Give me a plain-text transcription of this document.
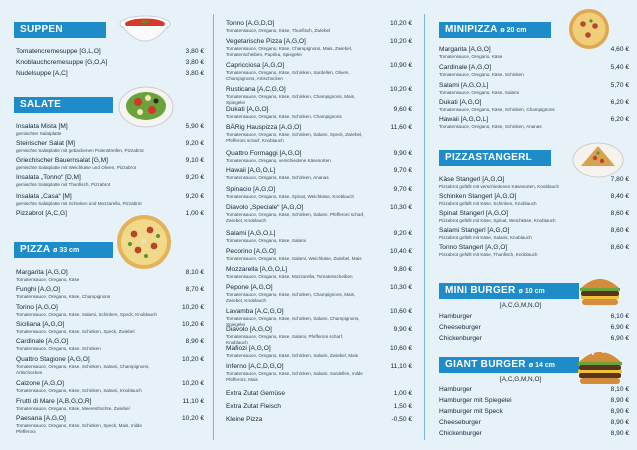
SUPPEN
Tomatencremesuppe [G,L,O]	3,80 €
Knoblauchcremesuppe [G,O,A]	3,80 €
Nudelsuppe [A,C]	3,80 €
SALATE
Insalata Mista [M]
gemischter Salatplatte
5,90 €
Steirischer Salat [M]
gemischte Salatplatte mit gebackenen Putenstreifen, Pizzabrot
9,20 €
Griechischer Bauernsalat [G,M]
gemischte Salatplatte mit Weichkäse und Oliven, Pizzabrot
9,10 €
Insalata „Tonno“ [D,M]
gemischte Salatplatte mit Thunfisch, Pizzabrot
9,20 €
Insalata „Casa“ [M]
gemischte Salatplatte mit Schinken und Mozzarella, Pizzabrot
9,20 €
Pizzabrot [A,C,G]	1,00 €
PIZZA ø 33 cm
Margarita [A,G,O]
Tomatensauce, Oregano, Käse
8,10 €
Funghi [A,G,O]
Tomatensauce, Oregano, Käse, Champignons
8,70 €
Torino [A,G,O]
Tomatensauce, Oregano, Käse, Salami, Schinken, Speck, Knoblauch
10,20 €
Siciliana [A,G,O]
Tomatensauce, Oregano, Käse, Schinken, Speck, Zwiebel
10,20 €
Cardinale [A,G,O]
Tomatensauce, Oregano, Käse, Schinken
8,90 €
Quattro Stagione [A,G,O]
Tomatensauce, Oregano, Käse, Schinken, Salami, Champignons, Artischocken
10,20 €
Calzone [A,G,O]
Tomatensauce, Oregano, Käse, Schinken, Salami, Knoblauch
10,20 €
Frutti di Mare [A,B,G,O,R]
Tomatensauce, Oregano, Käse, Meeresfrüchte, Zwiebel
11,10 €
Paesana [A,G,O]
Tomatensauce, Oregano, Käse, Schinken, Speck, Mais, milde Pfefferoni
10,20 €
Tonno [A,G,D,O]
Tomatensauce, Oregano, Käse, Thunfisch, Zwiebel
10,20 €
Vegetarische Pizza [A,G,O]
Tomatensauce, Oregano, Käse, Champignons, Mais, Zwiebel, Tomatenscheiben, Paprika, Spiegelei
10,20 €
Capricciosa [A,G,O]
Tomatensauce, Oregano, Käse, Schinken, Sardellen, Oliven, Champignons, Artischocken
10,90 €
Rusticana [A,C,G,O]
Tomatensauce, Oregano, Käse, Schinken, Champignons, Mais, Spiegelei
10,20 €
Dukati [A,G,O]
Tomatensauce, Oregano, Käse, Schinken, Champignons
9,60 €
BÄRig Hauspizza [A,G,O]
Tomatensauce, Oregano, Käse, Schinken, Salami, Speck, Zwiebel, Pfefferoni scharf, Knoblauch
11,60 €
Quattro Formaggi [A,G,O]
Tomatensauce, Oregano, verschiedene Käsesorten
9,90 €
Hawaii [A,G,O,L]
Tomatensauce, Oregano, Käse, Schinken, Ananas
9,70 €
Spinacio [A,G,O]
Tomatensauce, Oregano, Käse, Spinat, Weichkäse, Knoblauch
9,70 €
Diavolo „Speciale“ [A,G,O]
Tomatensauce, Oregano, Käse, Schinken, Salami, Pfefferoni scharf, Zwiebel, Knoblauch
10,30 €
Salami [A,G,O,L]
Tomatensauce, Oregano, Käse, Salami
9,20 €
Pecorino [A,G,O]
Tomatensauce, Oregano, Käse, Salami, Weichkäse, Zwiebel, Mais
10,40 €
Mozzarella [A,G,O,L]
Tomatensauce, Oregano, Käse, Mozzarella, Tomatenscheiben
9,80 €
Pepone [A,G,O]
Tomatensauce, Oregano, Käse, Schinken, Champignons, Mais, Zwiebel, Knoblauch
10,30 €
Lavamba [A,C,G,O]
Tomatensauce, Oregano, Käse, Schinken, Salami, Champignons, Spiegelei
10,60 €
Diavolo [A,G,O]
Tomatensauce, Oregano, Käse, Salami, Pfefferoni scharf, Knoblauch
9,90 €
Mafiozi [A,G,O]
Tomatensauce, Oregano, Käse, Schinken, Salami, Zwiebel, Mais
10,60 €
Inferno [A,C,D,G,O]
Tomatensauce, Oregano, Käse, Schinken, Salami, Sardellen, milde Pfefferoni, Mais
11,10 €
Extra Zutat Gemüse	1,00 €
Extra Zutat Fleisch	1,50 €
Kleine Pizza	-0,50 €
MINIPIZZA ø 20 cm
Margarita [A,G,O]
Tomatensauce, Oregano, Käse
4,60 €
Cardinale [A,G,O]
Tomatensauce, Oregano, Käse, Schinken
5,40 €
Salami [A,G,O,L]
Tomatensauce, Oregano, Käse, Salami
5,70 €
Dukati [A,G,O]
Tomatensauce, Oregano, Käse, Schinken, Champignons
6,20 €
Hawaii [A,G,O,L]
Tomatensauce, Oregano, Käse, Schinken, Ananas
6,20 €
PIZZASTANGERL
Käse Stangerl [A,G,O]
Pizzabrot gefüllt mit verschiedenen Käsesorten, Knoblauch
7,80 €
Schinken Stangerl [A,G,O]
Pizzabrot gefüllt mit Käse, Schinken, Knoblauch
8,40 €
Spinat Stangerl [A,G,O]
Pizzabrot gefüllt mit Käse, Spinat, Weichkäse, Knoblauch
8,60 €
Salami Stangerl [A,G,O]
Pizzabrot gefüllt mit Käse, Salami, Knoblauch
8,60 €
Tonno Stangerl [A,G,O]
Pizzabrot gefüllt mit Käse, Thunfisch, Knoblauch
8,60 €
MINI BURGER ø 10 cm
[A,C,G,M,N,O]
Hamburger	6,10 €
Cheeseburger	6,90 €
Chickenburger	6,90 €
GIANT BURGER ø 14 cm
[A,C,G,M,N,O]
Hamburger	8,10 €
Hamburger mit Spiegelei	8,90 €
Hamburger mit Speck	8,90 €
Cheeseburger	8,90 €
Chickenburger	8,90 €
